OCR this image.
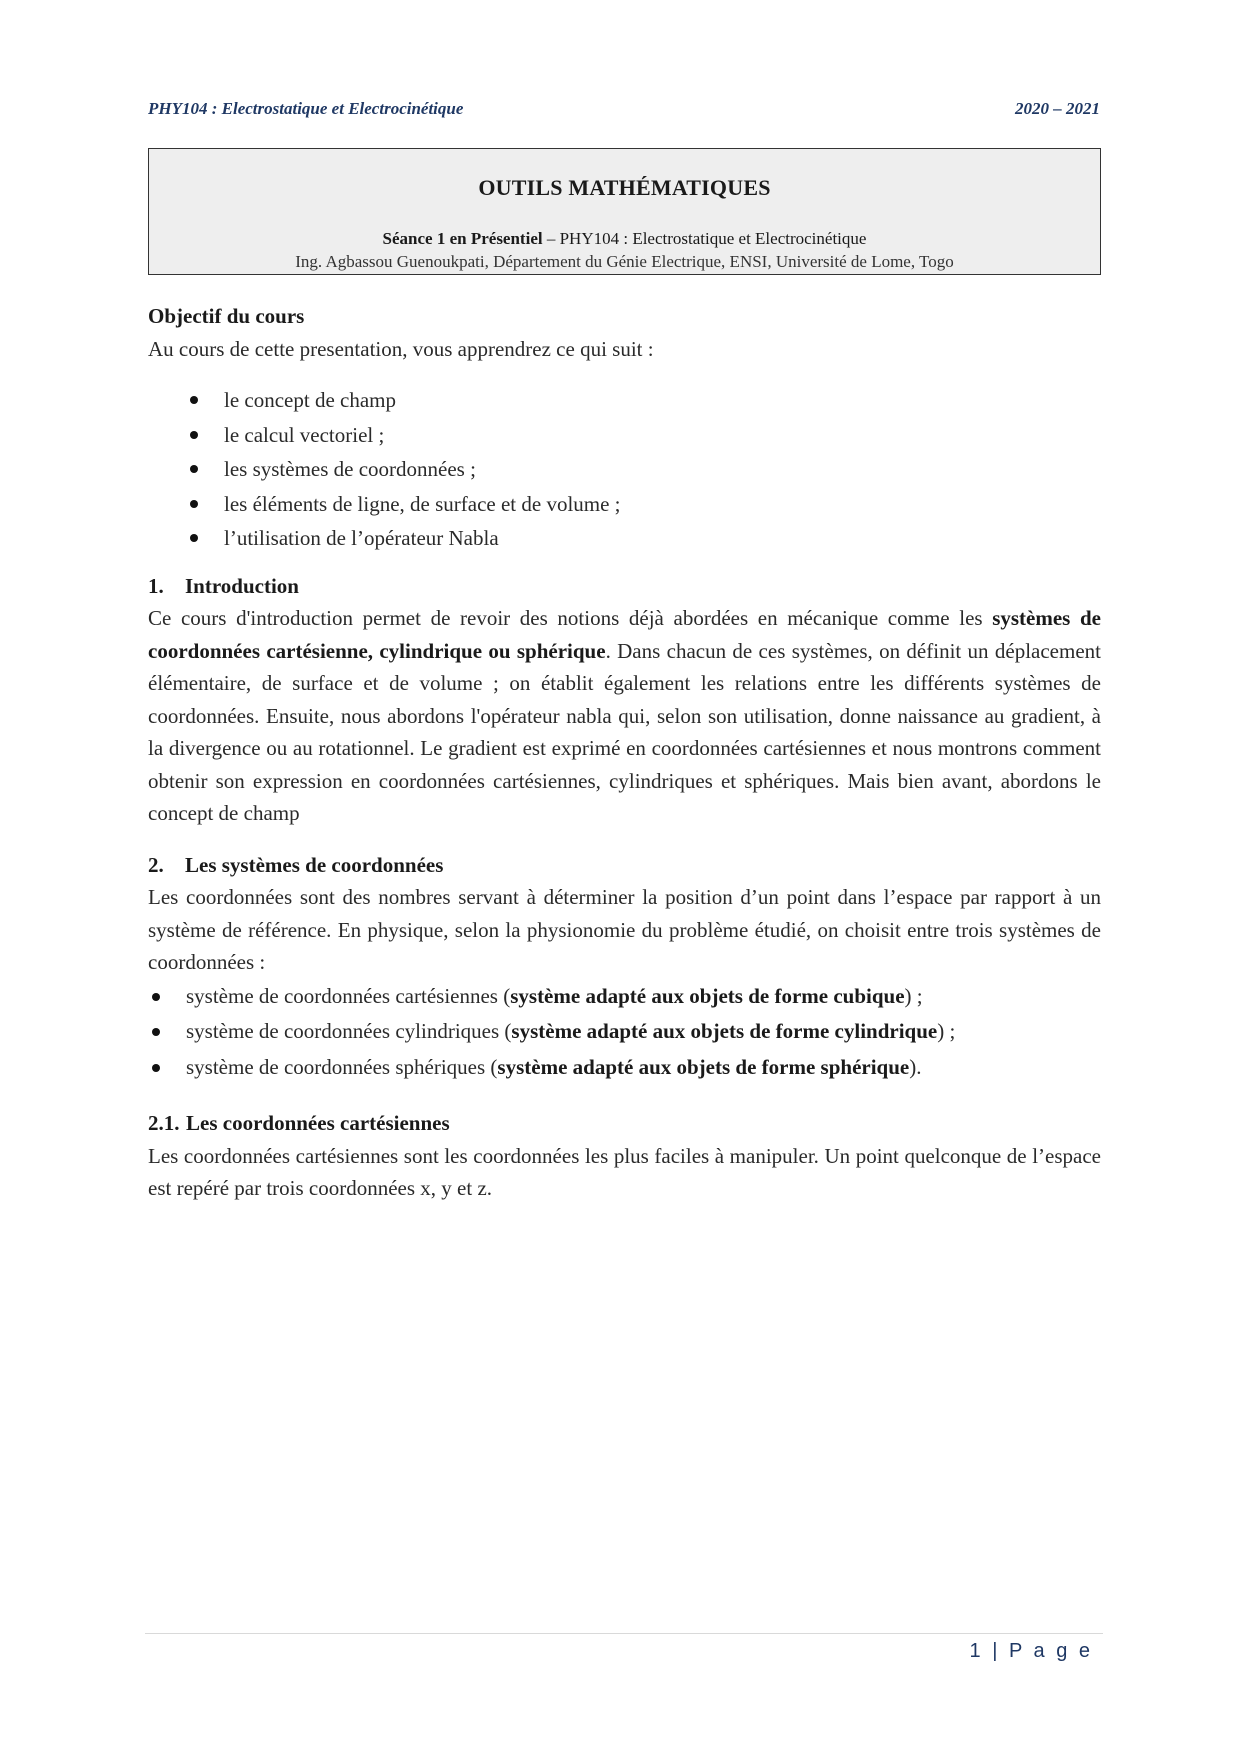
PHY104 : Electrostatique et Electrocinétique	2020 – 2021
OUTILS MATHÉMATIQUES
Séance 1 en Présentiel – PHY104 : Electrostatique et Electrocinétique
Ing. Agbassou Guenoukpati, Département du Génie Electrique, ENSI, Université de Lome, Togo

Objectif du cours

Au cours de cette presentation, vous apprendrez ce qui suit :

le concept de champ
le calcul vectoriel ;
les systèmes de coordonnées ;
les éléments de ligne, de surface et de volume ;
l’utilisation de l’opérateur Nabla
1. Introduction

Ce cours d'introduction permet de revoir des notions déjà abordées en mécanique comme les systèmes de coordonnées cartésienne, cylindrique ou sphérique. Dans chacun de ces systèmes, on définit un déplacement élémentaire, de surface et de volume ; on établit également les relations entre les différents systèmes de coordonnées. Ensuite, nous abordons l'opérateur nabla qui, selon son utilisation, donne naissance au gradient, à la divergence ou au rotationnel. Le gradient est exprimé en coordonnées cartésiennes et nous montrons comment obtenir son expression en coordonnées cartésiennes, cylindriques et sphériques. Mais bien avant, abordons le concept de champ

2. Les systèmes de coordonnées

Les coordonnées sont des nombres servant à déterminer la position d’un point dans l’espace par rapport à un système de référence. En physique, selon la physionomie du problème étudié, on choisit entre trois systèmes de coordonnées :

système de coordonnées cartésiennes (système adapté aux objets de forme cubique) ;
système de coordonnées cylindriques (système adapté aux objets de forme cylindrique) ;
système de coordonnées sphériques (système adapté aux objets de forme sphérique).
2.1. Les coordonnées cartésiennes

Les coordonnées cartésiennes sont les coordonnées les plus faciles à manipuler. Un point quelconque de l’espace est repéré par trois coordonnées x, y et z.

1 | P a g e
